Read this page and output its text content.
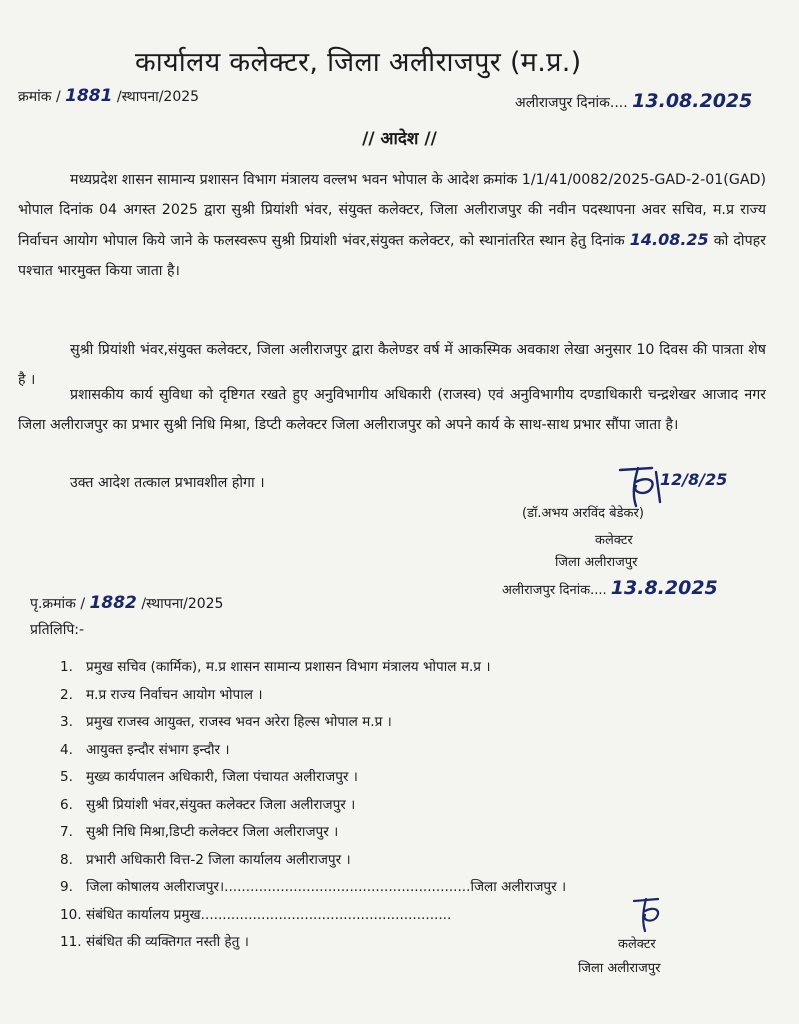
कार्यालय कलेक्टर, जिला अलीराजपुर (म.प्र.)
क्रमांक / 1881 /स्थापना/2025	अलीराजपुर दिनांक.... 13.08.2025
// आदेश //
मध्यप्रदेश शासन सामान्य प्रशासन विभाग मंत्रालय वल्लभ भवन भोपाल के आदेश क्रमांक 1/1/41/0082/2025-GAD-2-01(GAD) भोपाल दिनांक 04 अगस्त 2025 द्वारा सुश्री प्रियांशी भंवर, संयुक्त कलेक्टर, जिला अलीराजपुर की नवीन पदस्थापना अवर सचिव, म.प्र राज्य निर्वाचन आयोग भोपाल किये जाने के फलस्वरूप सुश्री प्रियांशी भंवर,संयुक्त कलेक्टर, को स्थानांतरित स्थान हेतु दिनांक 14.08.25 को दोपहर पश्चात भारमुक्त किया जाता है।
सुश्री प्रियांशी भंवर,संयुक्त कलेक्टर, जिला अलीराजपुर द्वारा कैलेण्डर वर्ष में आकस्मिक अवकाश लेखा अनुसार 10 दिवस की पात्रता शेष है ।
प्रशासकीय कार्य सुविधा को दृष्टिगत रखते हुए अनुविभागीय अधिकारी (राजस्व) एवं अनुविभागीय दण्डाधिकारी चन्द्रशेखर आजाद नगर जिला अलीराजपुर का प्रभार सुश्री निधि मिश्रा, डिप्टी कलेक्टर जिला अलीराजपुर को अपने कार्य के साथ-साथ प्रभार सौंपा जाता है।
उक्त आदेश तत्काल प्रभावशील होगा ।	12/8/25
(डॉ.अभय अरविंद बेडेकर)
कलेक्टर
जिला अलीराजपुर
अलीराजपुर दिनांक.... 13.8.2025
पृ.क्रमांक / 1882 /स्थापना/2025
प्रतिलिपि:-
1. प्रमुख सचिव (कार्मिक), म.प्र शासन सामान्य प्रशासन विभाग मंत्रालय भोपाल म.प्र ।
2. म.प्र राज्य निर्वाचन आयोग भोपाल ।
3. प्रमुख राजस्व आयुक्त, राजस्व भवन अरेरा हिल्स भोपाल म.प्र ।
4. आयुक्त इन्दौर संभाग इन्दौर ।
5. मुख्य कार्यपालन अधिकारी, जिला पंचायत अलीराजपुर ।
6. सुश्री प्रियांशी भंवर,संयुक्त कलेक्टर जिला अलीराजपुर ।
7. सुश्री निधि मिश्रा,डिप्टी कलेक्टर जिला अलीराजपुर ।
8. प्रभारी अधिकारी वित्त-2 जिला कार्यालय अलीराजपुर ।
9. जिला कोषालय अलीराजपुर।.........................................................जिला अलीराजपुर ।
10. संबंधित कार्यालय प्रमुख..........................................................
11. संबंधित की व्यक्तिगत नस्ती हेतु ।	कलेक्टर
जिला अलीराजपुर
